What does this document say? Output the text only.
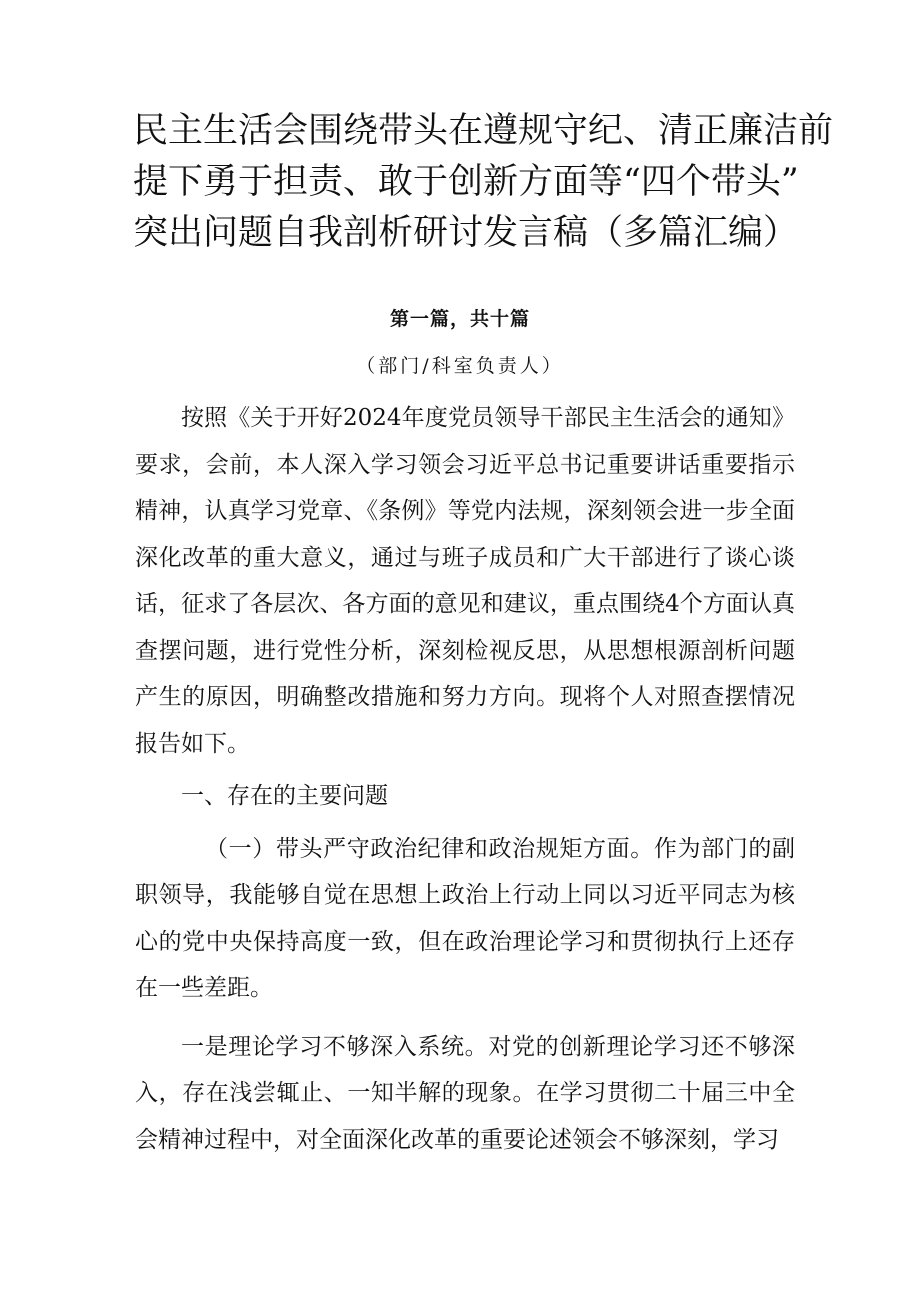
民主生活会围绕带头在遵规守纪、清正廉洁前
提下勇于担责、敢于创新方面等“四个带头”
突出问题自我剖析研讨发言稿（多篇汇编）
第一篇，共十篇
（部门/科室负责人）

按照《关于开好2024年度党员领导干部民主生活会的通知》要求，会前，本人深入学习领会习近平总书记重要讲话重要指示精神，认真学习党章、《条例》等党内法规，深刻领会进一步全面深化改革的重大意义，通过与班子成员和广大干部进行了谈心谈话，征求了各层次、各方面的意见和建议，重点围绕4个方面认真查摆问题，进行党性分析，深刻检视反思，从思想根源剖析问题产生的原因，明确整改措施和努力方向。现将个人对照查摆情况报告如下。

一、存在的主要问题

（一）带头严守政治纪律和政治规矩方面。作为部门的副职领导，我能够自觉在思想上政治上行动上同以习近平同志为核心的党中央保持高度一致，但在政治理论学习和贯彻执行上还存在一些差距。

一是理论学习不够深入系统。对党的创新理论学习还不够深入，存在浅尝辄止、一知半解的现象。在学习贯彻二十届三中全会精神过程中，对全面深化改革的重要论述领会不够深刻，学习
